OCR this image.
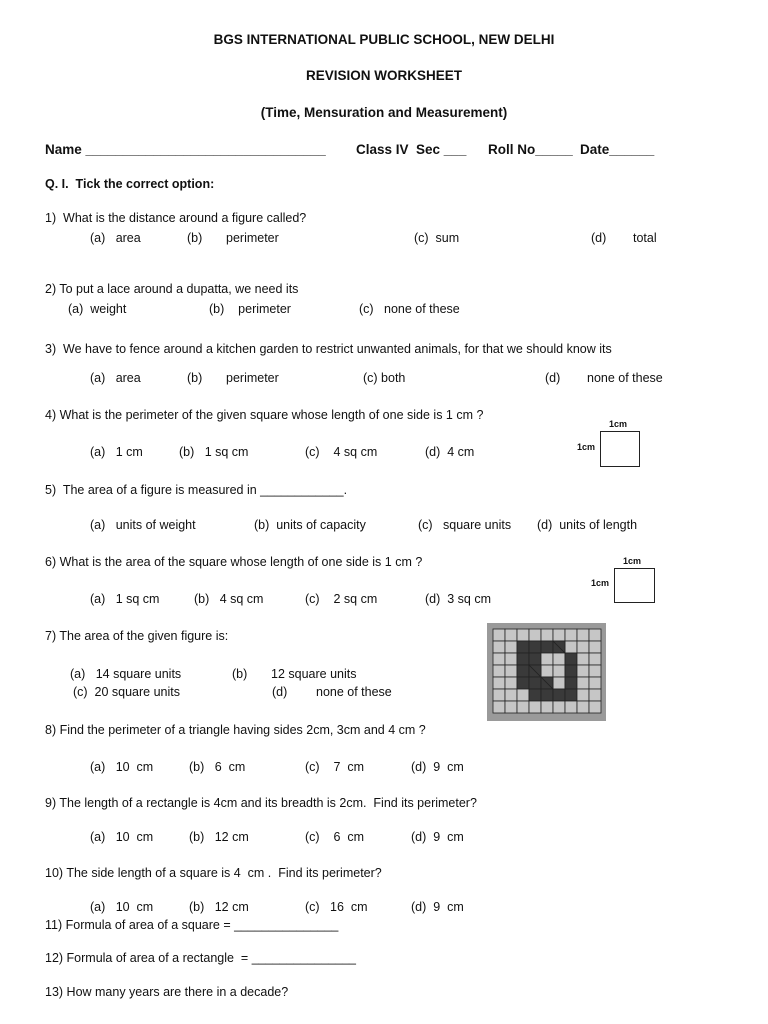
BGS INTERNATIONAL PUBLIC SCHOOL, NEW DELHI
REVISION WORKSHEET
(Time, Mensuration and Measurement)
Name ________________________________ Class IV  Sec ___ Roll No_____ Date______
Q. I.  Tick the correct option:
1)  What is the distance around a figure called?
(a)   area	(b) perimeter	(c)  sum	(d) total
2) To put a lace around a dupatta, we need its
(a)  weight	(b)    perimeter	(c)   none of these
3)  We have to fence around a kitchen garden to restrict unwanted animals, for that we should know its
(a)   area	(b) perimeter	(c) both	(d) none of these
4) What is the perimeter of the given square whose length of one side is 1 cm ?
(a)   1 cm	(b)   1 sq cm	(c)    4 sq cm	(d)  4 cm
1cm
1cm
5)  The area of a figure is measured in ____________.
(a)   units of weight	(b)  units of capacity	(c)   square units (d)  units of length
6) What is the area of the square whose length of one side is 1 cm ?
(a)   1 sq cm	(b)   4 sq cm	(c)    2 sq cm	(d)  3 sq cm
1cm
1cm
7) The area of the given figure is:
(a)   14 square units	(b) 12 square units
(c)  20 square units	(d) none of these
8) Find the perimeter of a triangle having sides 2cm, 3cm and 4 cm ?
(a)   10  cm	(b)   6  cm	(c)    7  cm	(d)  9  cm
9) The length of a rectangle is 4cm and its breadth is 2cm.  Find its perimeter?
(a)   10  cm	(b)   12 cm	(c)    6  cm	(d)  9  cm
10) The side length of a square is 4  cm .  Find its perimeter?
(a)   10  cm	(b)   12 cm	(c)   16  cm	(d)  9  cm
11) Formula of area of a square = _______________
12) Formula of area of a rectangle  = _______________
13) How many years are there in a decade?
